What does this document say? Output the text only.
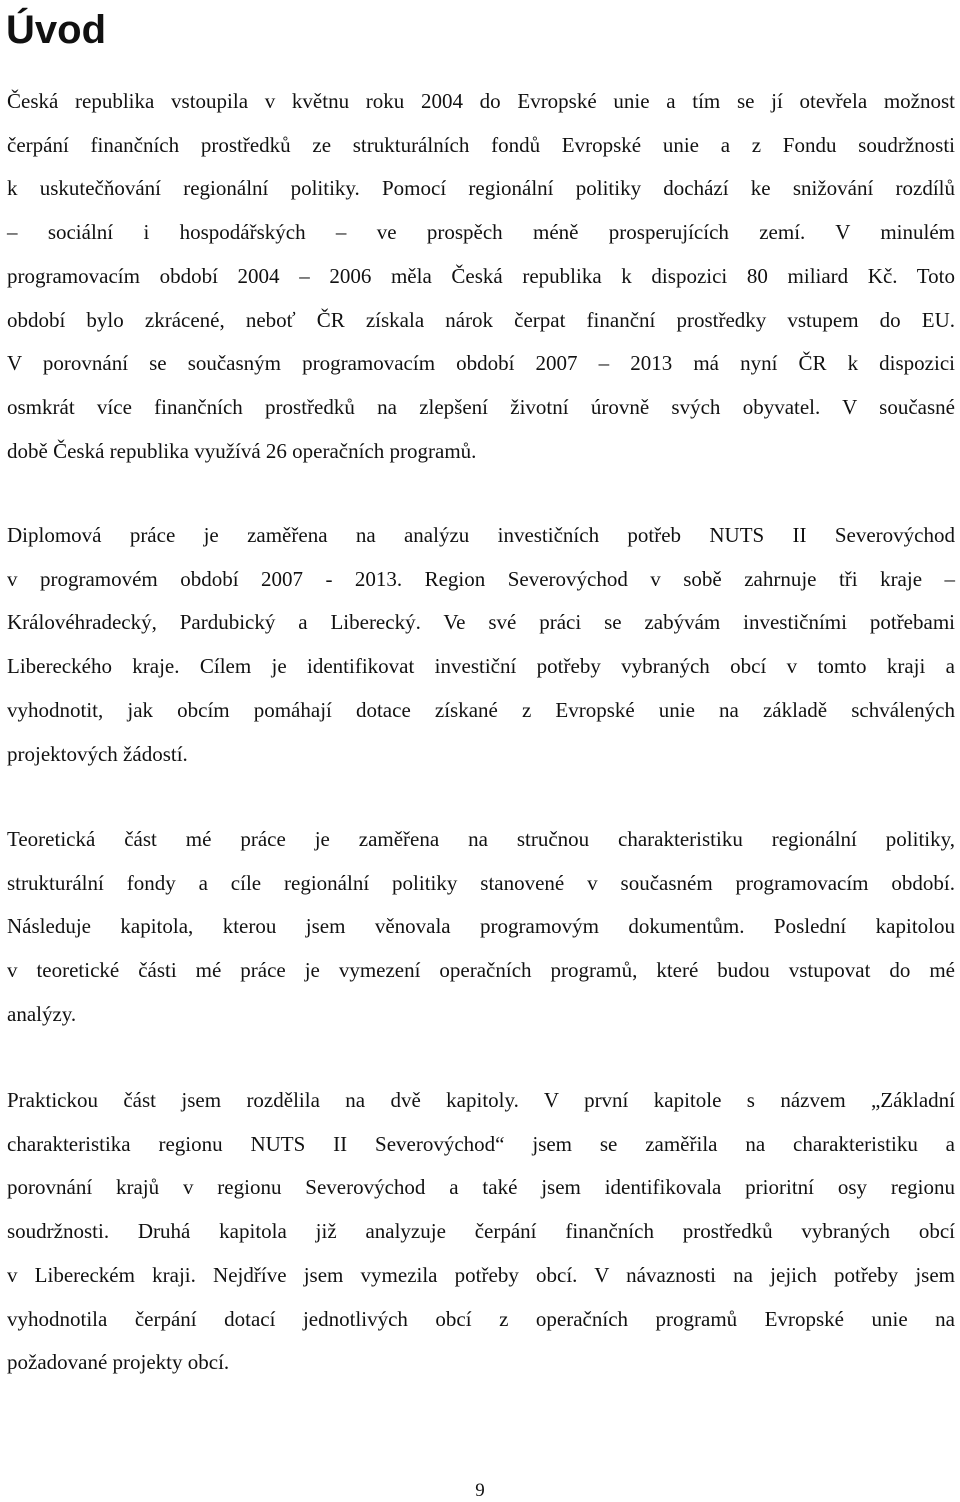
Úvod

Česká republika vstoupila v květnu roku 2004 do Evropské unie a tím se jí otevřela možnost
čerpání finančních prostředků ze strukturálních fondů Evropské unie a z Fondu soudržnosti
k uskutečňování regionální politiky. Pomocí regionální politiky dochází ke snižování rozdílů
– sociální i hospodářských – ve prospěch méně prosperujících zemí. V minulém
programovacím období 2004 – 2006 měla Česká republika k dispozici 80 miliard Kč. Toto
období bylo zkrácené, neboť ČR získala nárok čerpat finanční prostředky vstupem do EU.
V porovnání se současným programovacím období 2007 – 2013 má nyní ČR k dispozici
osmkrát více finančních prostředků na zlepšení životní úrovně svých obyvatel. V současné
době Česká republika využívá 26 operačních programů.

Diplomová práce je zaměřena na analýzu investičních potřeb NUTS II Severovýchod
v programovém období 2007 - 2013. Region Severovýchod v sobě zahrnuje tři kraje –
Královéhradecký, Pardubický a Liberecký. Ve své práci se zabývám investičními potřebami
Libereckého kraje. Cílem je identifikovat investiční potřeby vybraných obcí v tomto kraji a
vyhodnotit, jak obcím pomáhají dotace získané z Evropské unie na základě schválených
projektových žádostí.

Teoretická část mé práce je zaměřena na stručnou charakteristiku regionální politiky,
strukturální fondy a cíle regionální politiky stanovené v současném programovacím období.
Následuje kapitola, kterou jsem věnovala programovým dokumentům. Poslední kapitolou
v teoretické části mé práce je vymezení operačních programů, které budou vstupovat do mé
analýzy.

Praktickou část jsem rozdělila na dvě kapitoly. V první kapitole s názvem „Základní
charakteristika regionu NUTS II Severovýchod“ jsem se zaměřila na charakteristiku a
porovnání krajů v regionu Severovýchod a také jsem identifikovala prioritní osy regionu
soudržnosti. Druhá kapitola již analyzuje čerpání finančních prostředků vybraných obcí
v Libereckém kraji. Nejdříve jsem vymezila potřeby obcí. V návaznosti na jejich potřeby jsem
vyhodnotila čerpání dotací jednotlivých obcí z operačních programů Evropské unie na
požadované projekty obcí.

9
